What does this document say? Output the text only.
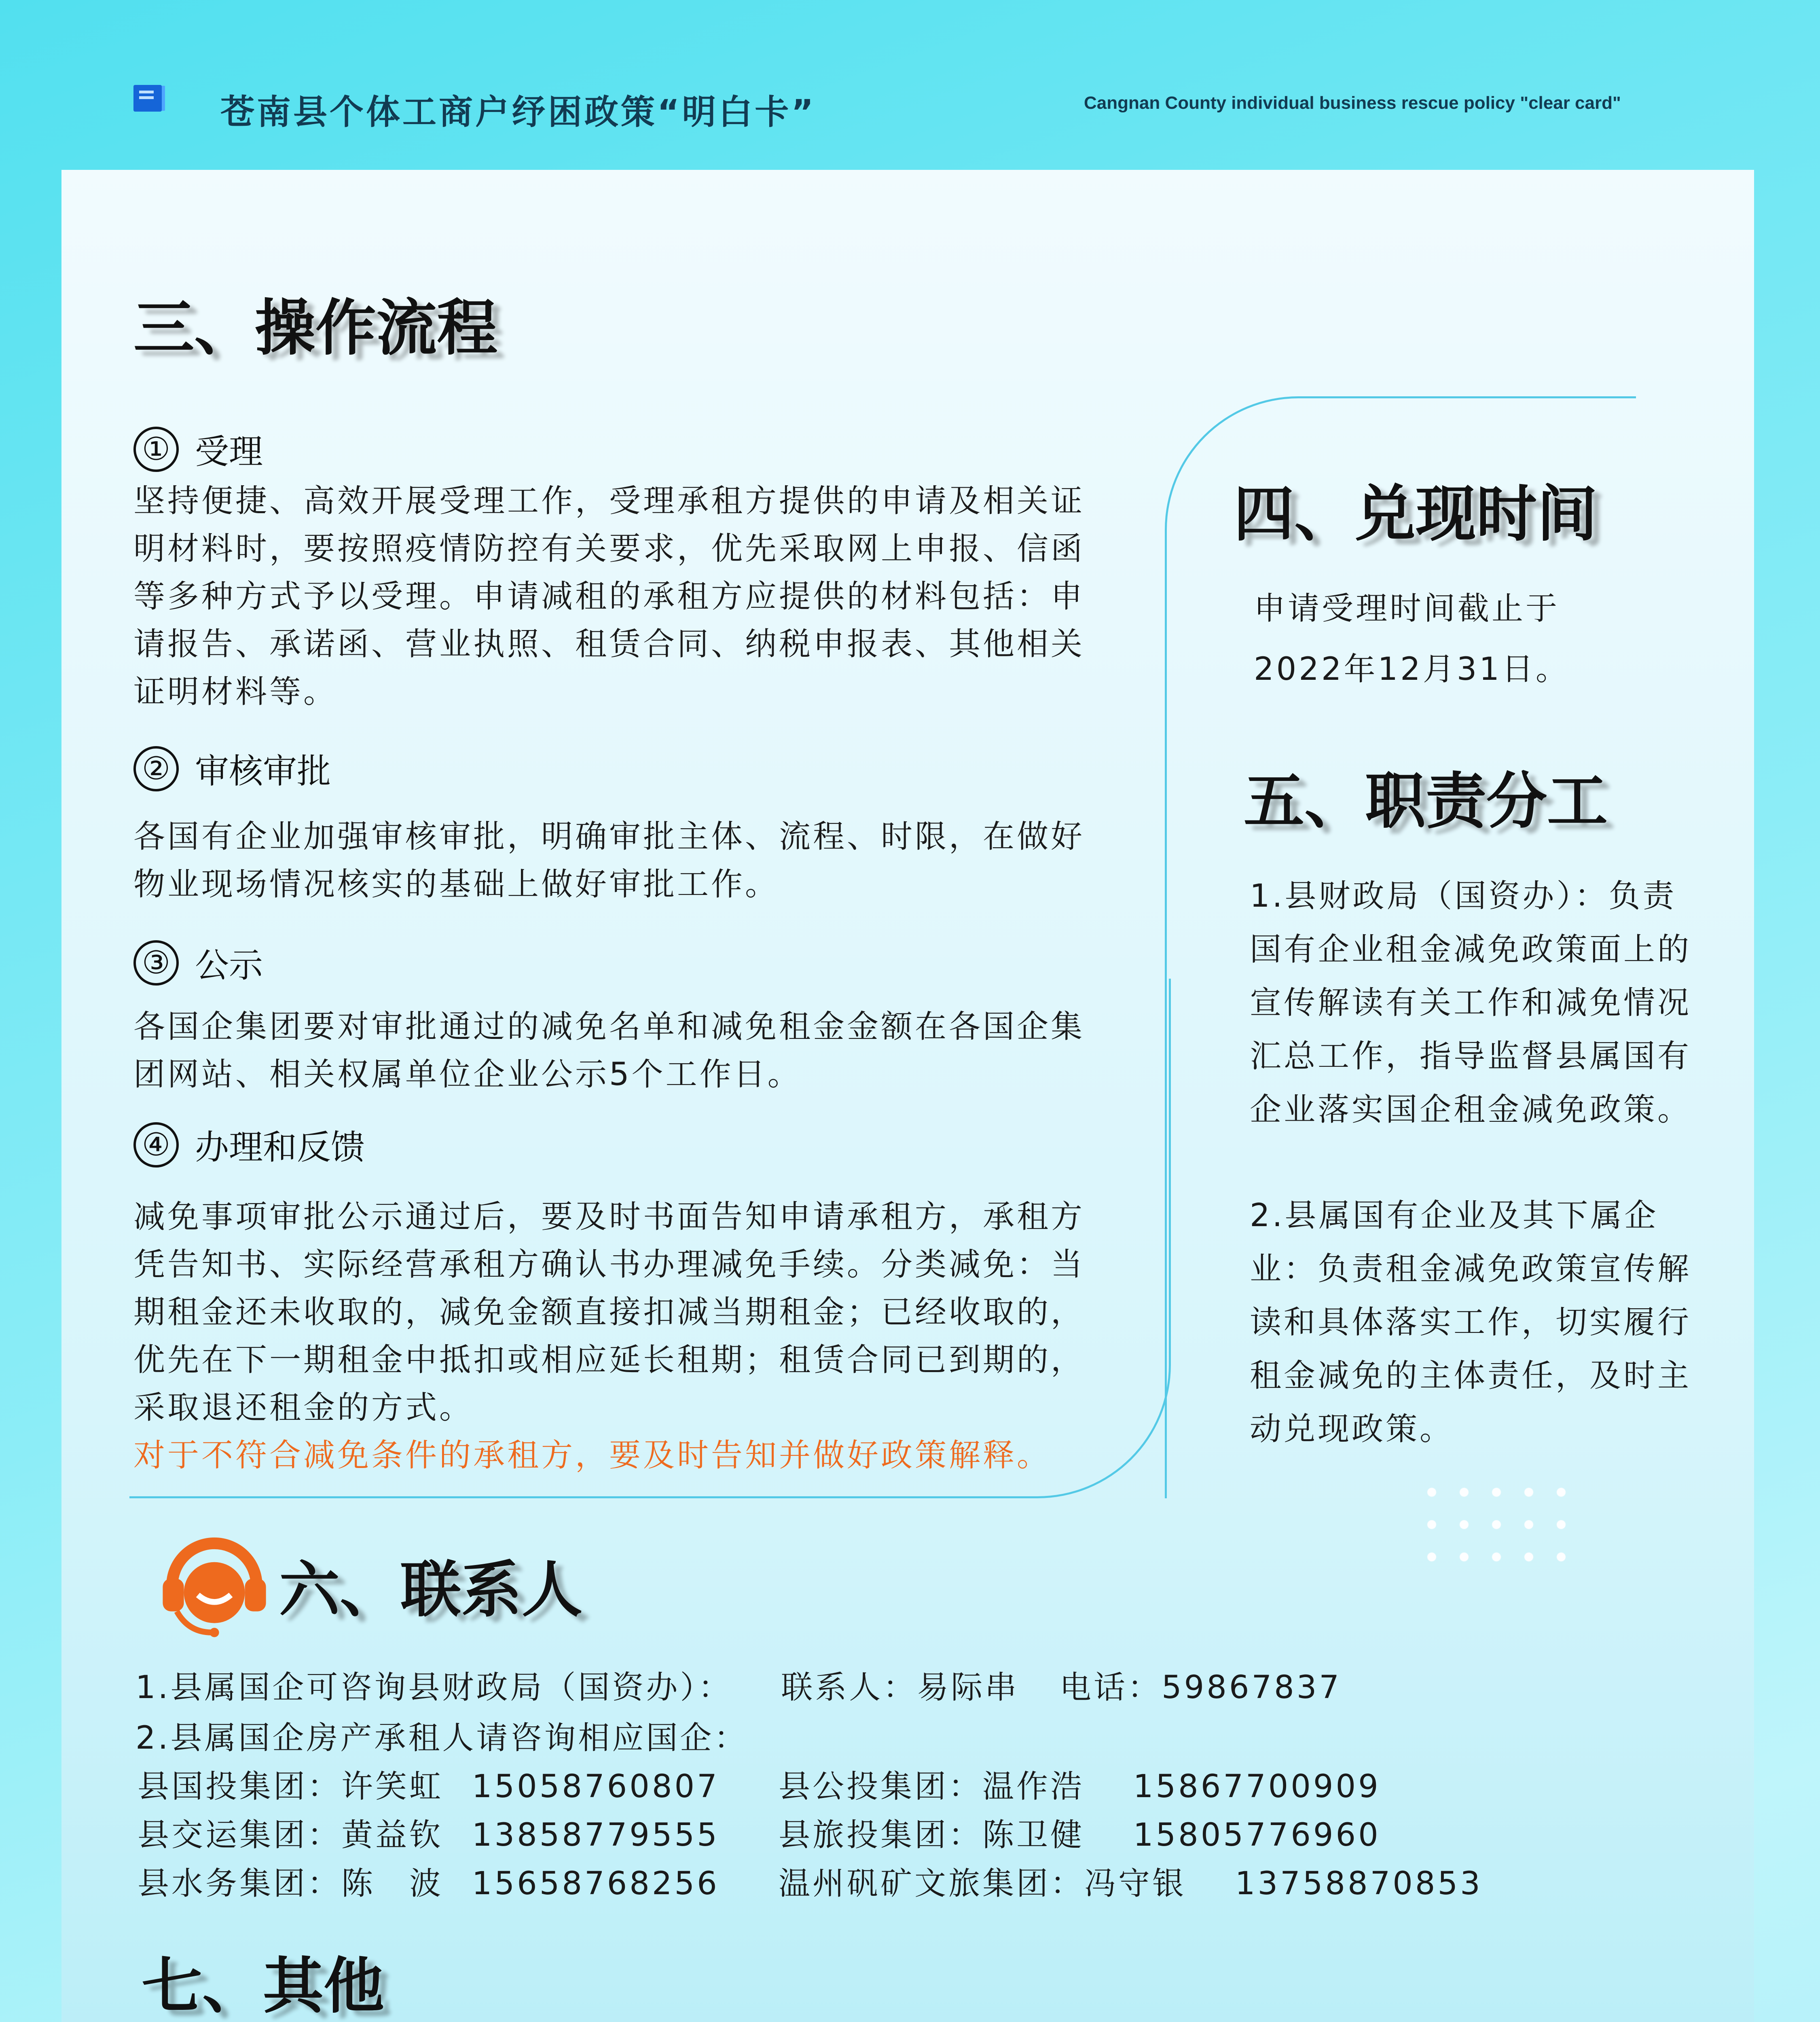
苍南县个体工商户纾困政策“明白卡”	Cangnan County individual business rescue policy "clear card"
三、操作流程
① 受理
坚持便捷、高效开展受理工作，受理承租方提供的申请及相关证明材料时，要按照疫情防控有关要求，优先采取网上申报、信函等多种方式予以受理。申请减租的承租方应提供的材料包括：申请报告、承诺函、营业执照、租赁合同、纳税申报表、其他相关证明材料等。
② 审核审批
各国有企业加强审核审批，明确审批主体、流程、时限，在做好物业现场情况核实的基础上做好审批工作。
③ 公示
各国企集团要对审批通过的减免名单和减免租金金额在各国企集团网站、相关权属单位企业公示5个工作日。
④ 办理和反馈
减免事项审批公示通过后，要及时书面告知申请承租方，承租方凭告知书、实际经营承租方确认书办理减免手续。分类减免：当期租金还未收取的，减免金额直接扣减当期租金；已经收取的，优先在下一期租金中抵扣或相应延长租期；租赁合同已到期的，采取退还租金的方式。
对于不符合减免条件的承租方，要及时告知并做好政策解释。
四、兑现时间
申请受理时间截止于2022年12月31日。
五、职责分工
1.县财政局（国资办）：负责国有企业租金减免政策面上的宣传解读有关工作和减免情况汇总工作，指导监督县属国有企业落实国企租金减免政策。
2.县属国有企业及其下属企业：负责租金减免政策宣传解读和具体落实工作，切实履行租金减免的主体责任，及时主动兑现政策。
六、联系人
1.县属国企可咨询县财政局（国资办）： 联系人：易际串 电话：59867837
2.县属国企房产承租人请咨询相应国企：
县国投集团：许笑虹 15058760807 县公投集团：温作浩 15867700909
县交运集团：黄益钦 13858779555 县旅投集团：陈卫健 15805776960
县水务集团：陈　波 15658768256 温州矾矿文旅集团：冯守银 13758870853
七、其他
